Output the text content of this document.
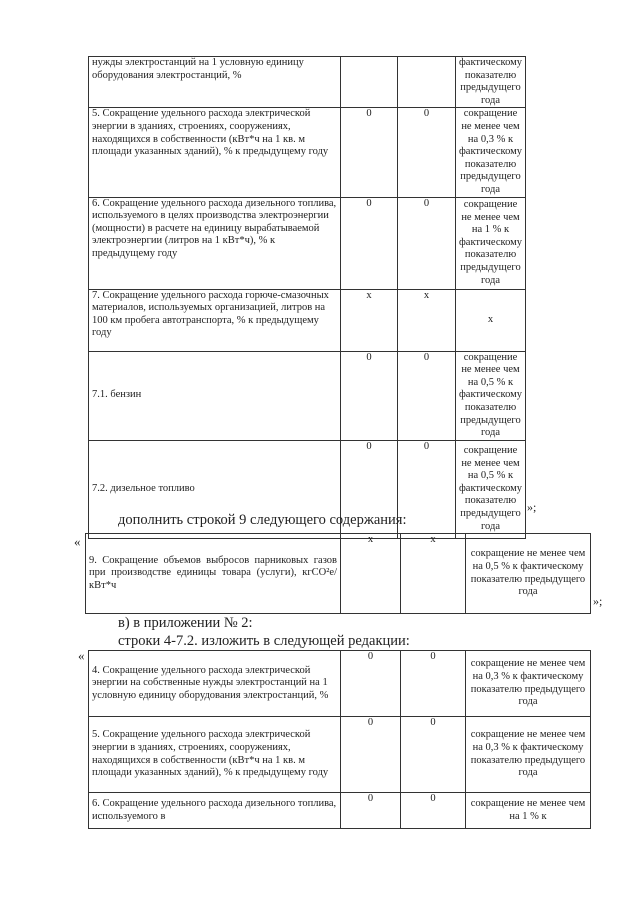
нужды электростанций на 1 условную единицу оборудования электростанций, %			фактическому показателю предыдущего года
5. Сокращение удельного расхода электрической энергии в зданиях, строениях, сооружениях, находящихся в собственности (кВт*ч на 1 кв. м площади указанных зданий), % к предыдущему году	0	0	сокращение не менее чем на 0,3 % к фактическому показателю предыдущего года
6. Сокращение удельного расхода дизельного топлива, используемого в целях производства электроэнергии (мощности) в расчете на единицу вырабатываемой электроэнергии (литров на 1 кВт*ч), % к предыдущему году	0	0	сокращение не менее чем на 1 % к фактическому показателю предыдущего года
7. Сокращение удельного расхода горюче-смазочных материалов, используемых организацией, литров на 100 км пробега автотранспорта, % к предыдущему году	x	x	x
7.1. бензин	0	0	сокращение не менее чем на 0,5 % к фактическому показателю предыдущего года
7.2. дизельное топливо	0	0	сокращение не менее чем на 0,5 % к фактическому показателю предыдущего года
»;
дополнить строкой 9 следующего содержания:
«
9. Сокращение объемов выбросов парниковых газов при производстве единицы товара (услуги), кгCO²e/кВт*ч	x	x	сокращение не менее чем на 0,5 % к фактическому показателю предыдущего года
»;
в) в приложении № 2:
строки 4-7.2. изложить в следующей редакции:
«
4. Сокращение удельного расхода электрической энергии на собственные нужды электростанций на 1 условную единицу оборудования электростанций, %	0	0	сокращение не менее чем на 0,3 % к фактическому показателю предыдущего года
5. Сокращение удельного расхода электрической энергии в зданиях, строениях, сооружениях, находящихся в собственности (кВт*ч на 1 кв. м площади указанных зданий), % к предыдущему году	0	0	сокращение не менее чем на 0,3 % к фактическому показателю предыдущего года
6. Сокращение удельного расхода дизельного топлива, используемого в	0	0	сокращение не менее чем на 1 % к
